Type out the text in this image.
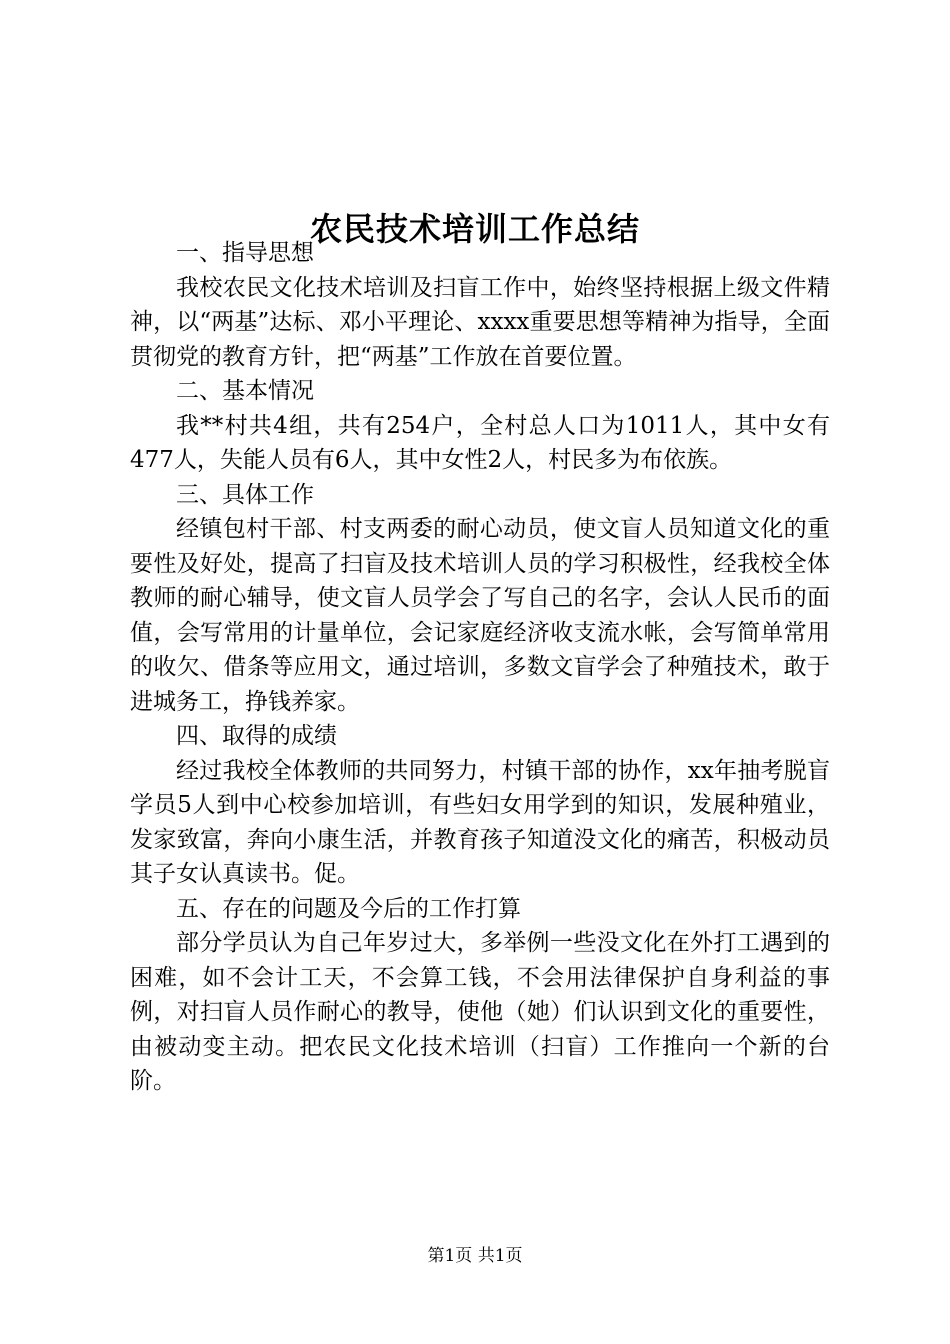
农民技术培训工作总结

一、指导思想

我校农民文化技术培训及扫盲工作中，始终坚持根据上级文件精神，以“两基”达标、邓小平理论、xxxx重要思想等精神为指导，全面贯彻党的教育方针，把“两基”工作放在首要位置。

二、基本情况

我**村共4组，共有254户，全村总人口为1011人，其中女有477人，失能人员有6人，其中女性2人，村民多为布依族。

三、具体工作

经镇包村干部、村支两委的耐心动员，使文盲人员知道文化的重要性及好处，提高了扫盲及技术培训人员的学习积极性，经我校全体教师的耐心辅导，使文盲人员学会了写自己的名字，会认人民币的面值，会写常用的计量单位，会记家庭经济收支流水帐，会写简单常用的收欠、借条等应用文，通过培训，多数文盲学会了种殖技术，敢于进城务工，挣钱养家。

四、取得的成绩

经过我校全体教师的共同努力，村镇干部的协作，xx年抽考脱盲学员5人到中心校参加培训，有些妇女用学到的知识，发展种殖业，发家致富，奔向小康生活，并教育孩子知道没文化的痛苦，积极动员其子女认真读书。促。

五、存在的问题及今后的工作打算

部分学员认为自己年岁过大，多举例一些没文化在外打工遇到的困难，如不会计工天，不会算工钱，不会用法律保护自身利益的事例，对扫盲人员作耐心的教导，使他（她）们认识到文化的重要性，由被动变主动。把农民文化技术培训（扫盲）工作推向一个新的台阶。

第1页 共1页
